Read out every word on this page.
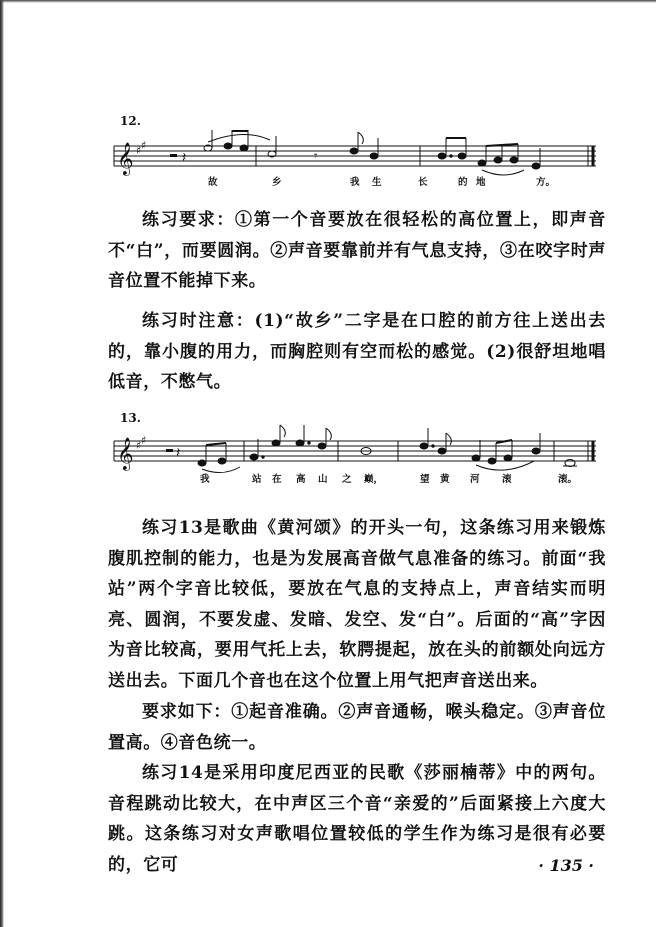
12.
𝄞 ♯ ♯
𝄽	𝄾
故	乡	我 生	长	的 地	方。

练习要求：①第一个音要放在很轻松的高位置上，即声音不“白”，而要圆润。②声音要靠前并有气息支持，③在咬字时声音位置不能掉下来。

练习时注意：(1)“故乡”二字是在口腔的前方往上送出去的，靠小腹的用力，而胸腔则有空而松的感觉。(2)很舒坦地唱低音，不憋气。

13.
𝄞 ♯ ♯
𝄽
我	站 在 高 山 之 巅，	望 黄 河 滚	滚。

练习13是歌曲《黄河颂》的开头一句，这条练习用来锻炼腹肌控制的能力，也是为发展高音做气息准备的练习。前面“我站”两个字音比较低，要放在气息的支持点上，声音结实而明亮、圆润，不要发虚、发暗、发空、发“白”。后面的“高”字因为音比较高，要用气托上去，软腭提起，放在头的前额处向远方送出去。下面几个音也在这个位置上用气把声音送出来。

要求如下：①起音准确。②声音通畅，喉头稳定。③声音位置高。④音色统一。

练习14是采用印度尼西亚的民歌《莎丽楠蒂》中的两句。音程跳动比较大，在中声区三个音“亲爱的”后面紧接上六度大跳。这条练习对女声歌唱位置较低的学生作为练习是很有必要的，它可	· 135 ·
